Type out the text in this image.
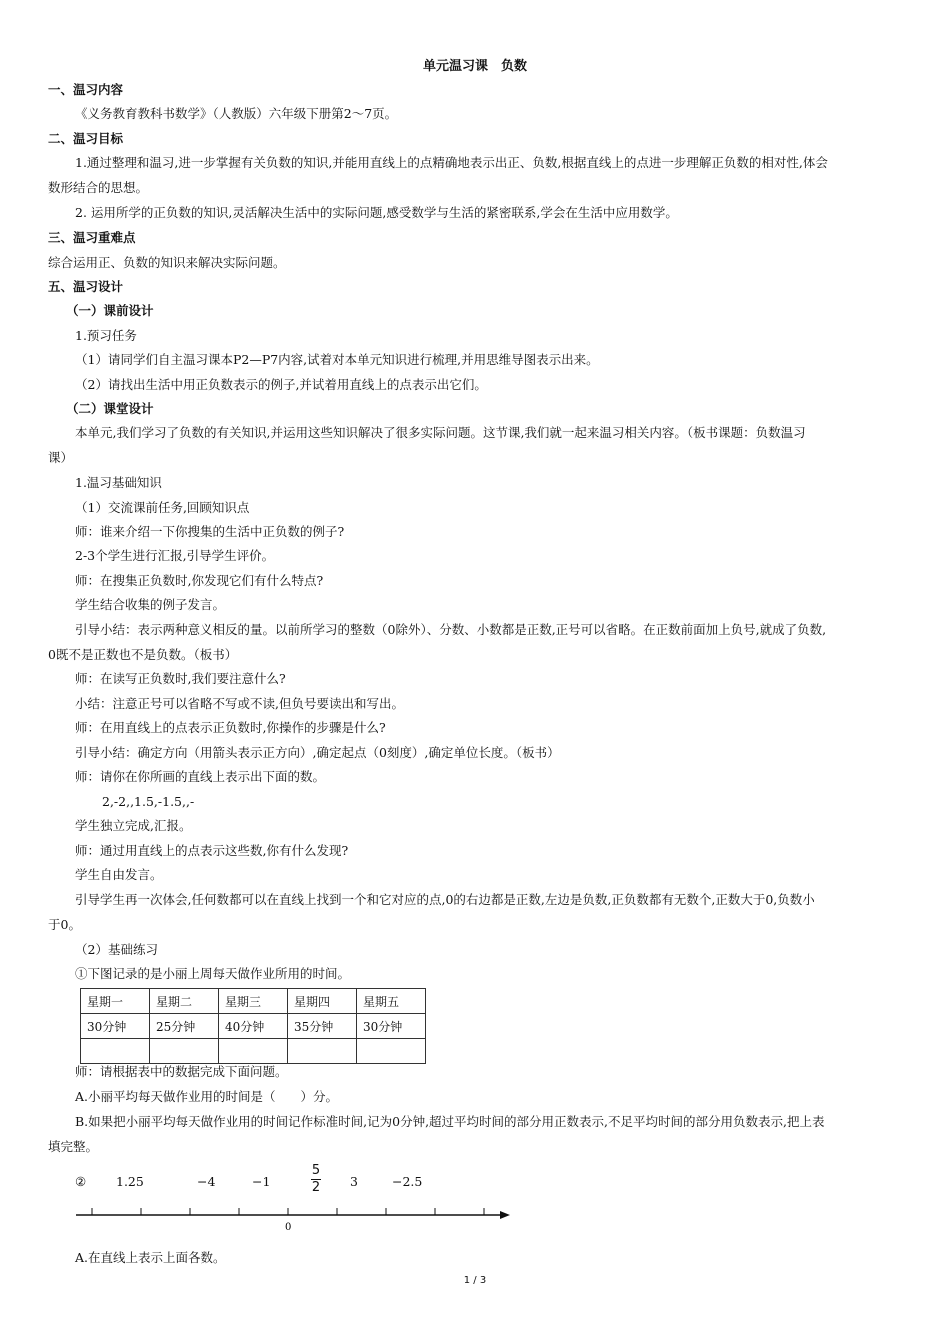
单元温习课　负数
一、温习内容
《义务教育教科书数学》（人教版）六年级下册第2～7页。
二、温习目标
1.通过整理和温习,进一步掌握有关负数的知识,并能用直线上的点精确地表示出正、负数,根据直线上的点进一步理解正负数的相对性,体会
数形结合的思想。
2. 运用所学的正负数的知识,灵活解决生活中的实际问题,感受数学与生活的紧密联系,学会在生活中应用数学。
三、温习重难点
综合运用正、负数的知识来解决实际问题。
五、温习设计
（一）课前设计
1.预习任务
（1）请同学们自主温习课本P2—P7内容,试着对本单元知识进行梳理,并用思维导图表示出来。
（2）请找出生活中用正负数表示的例子,并试着用直线上的点表示出它们。
（二）课堂设计
本单元,我们学习了负数的有关知识,并运用这些知识解决了很多实际问题。这节课,我们就一起来温习相关内容。（板书课题：负数温习
课）
1.温习基础知识
（1）交流课前任务,回顾知识点
师：谁来介绍一下你搜集的生活中正负数的例子?
2-3个学生进行汇报,引导学生评价。
师：在搜集正负数时,你发现它们有什么特点?
学生结合收集的例子发言。
引导小结：表示两种意义相反的量。以前所学习的整数（0除外）、分数、小数都是正数,正号可以省略。在正数前面加上负号,就成了负数,
0既不是正数也不是负数。（板书）
师：在读写正负数时,我们要注意什么?
小结：注意正号可以省略不写或不读,但负号要读出和写出。
师：在用直线上的点表示正负数时,你操作的步骤是什么?
引导小结：确定方向（用箭头表示正方向）,确定起点（0刻度）,确定单位长度。（板书）
师：请你在你所画的直线上表示出下面的数。
2,-2,,1.5,-1.5,,-
学生独立完成,汇报。
师：通过用直线上的点表示这些数,你有什么发现?
学生自由发言。
引导学生再一次体会,任何数都可以在直线上找到一个和它对应的点,0的右边都是正数,左边是负数,正负数都有无数个,正数大于0,负数小
于0。
（2）基础练习
①下图记录的是小丽上周每天做作业所用的时间。
星期一	星期二	星期三	星期四	星期五
30分钟	25分钟	40分钟	35分钟	30分钟

师：请根据表中的数据完成下面问题。
A.小丽平均每天做作业用的时间是（　　）分。
B.如果把小丽平均每天做作业用的时间记作标准时间,记为0分钟,超过平均时间的部分用正数表示,不足平均时间的部分用负数表示,把上表
填完整。
②	1.25	−4	−1
5
2 3	−2.5
0
A.在直线上表示上面各数。
1 / 3
